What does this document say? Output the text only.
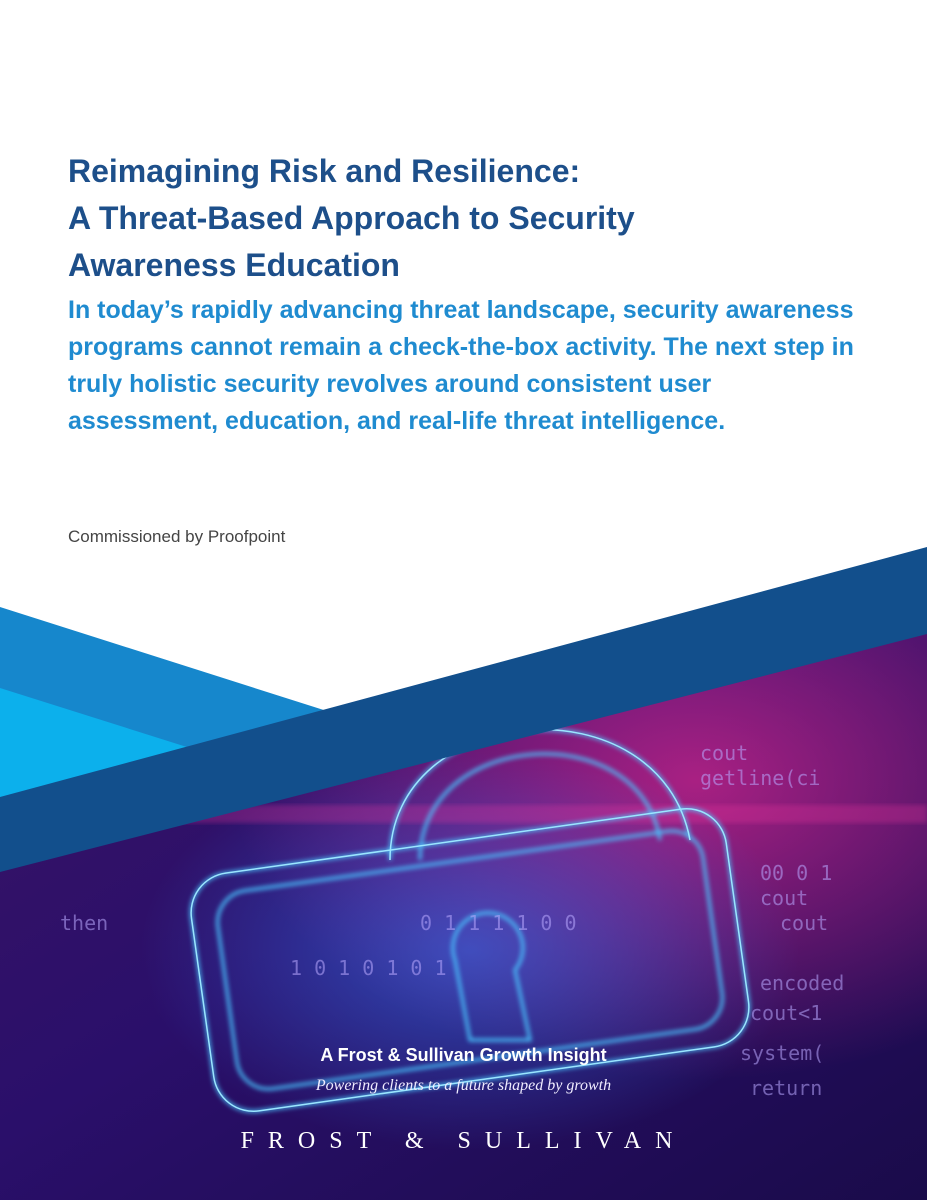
00 0 1
cout
cout
encoded
cout<1
system(
return
0 1 1 1 1 0 0
1 0 1 0 1 0 1
then
cout
getline(ci
Reimagining Risk and Resilience:
A Threat-Based Approach to Security
Awareness Education

In today’s rapidly advancing threat landscape, security awareness programs cannot remain a check-the-box activity. The next step in truly holistic security revolves around consistent user assessment, education, and real-life threat intelligence.

Commissioned by Proofpoint
A Frost & Sullivan Growth Insight
Powering clients to a future shaped by growth
FROST & SULLIVAN
